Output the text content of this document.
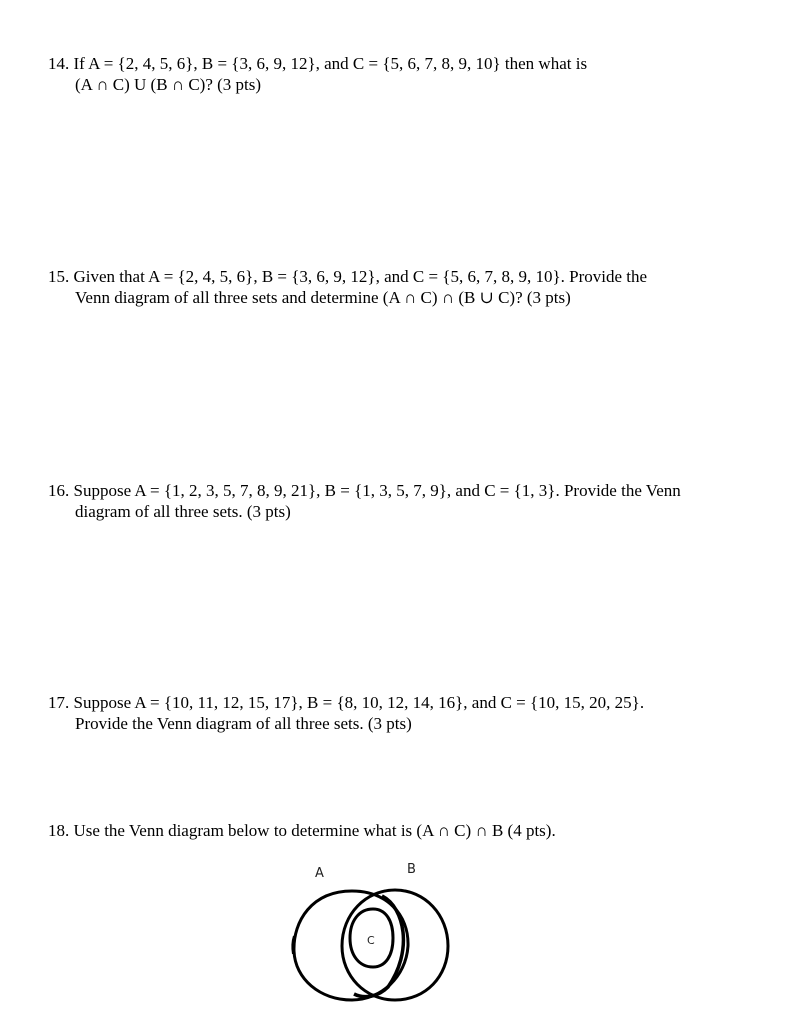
14. If A = {2, 4, 5, 6}, B = {3, 6, 9, 12}, and C = {5, 6, 7, 8, 9, 10} then what is
(A ∩ C) U (B ∩ C)? (3 pts)
15. Given that A = {2, 4, 5, 6}, B = {3, 6, 9, 12}, and C = {5, 6, 7, 8, 9, 10}. Provide the
Venn diagram of all three sets and determine (A ∩ C) ∩ (B ∪ C)? (3 pts)
16. Suppose A = {1, 2, 3, 5, 7, 8, 9, 21}, B = {1, 3, 5, 7, 9}, and C = {1, 3}. Provide the Venn
diagram of all three sets. (3 pts)
17. Suppose A = {10, 11, 12, 15, 17}, B = {8, 10, 12, 14, 16}, and C = {10, 15, 20, 25}.
Provide the Venn diagram of all three sets. (3 pts)
18. Use the Venn diagram below to determine what is (A ∩ C) ∩ B (4 pts).
A	B
C
